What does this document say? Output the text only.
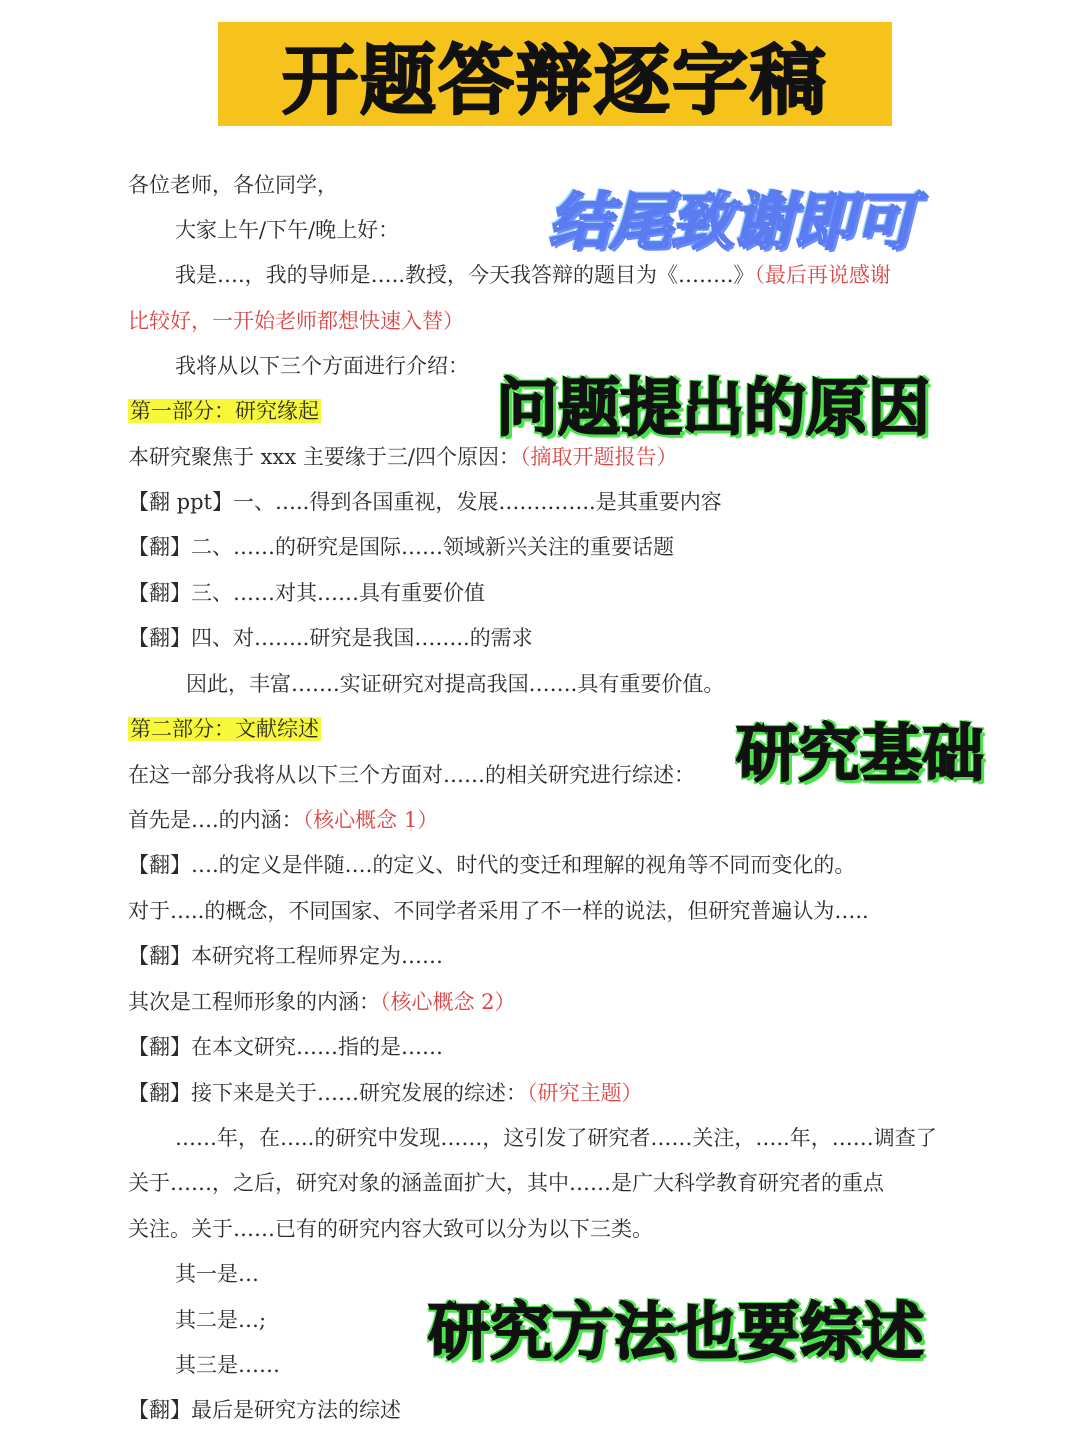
开题答辩逐字稿
各位老师，各位同学，
大家上午/下午/晚上好：
我是….，我的导师是…..教授，今天我答辩的题目为《……..》（最后再说感谢
比较好，一开始老师都想快速入替）
我将从以下三个方面进行介绍：
第一部分：研究缘起
本研究聚焦于 xxx 主要缘于三/四个原因：（摘取开题报告）
【翻 ppt】一、…..得到各国重视，发展…………..是其重要内容
【翻】二、……的研究是国际……领域新兴关注的重要话题
【翻】三、……对其……具有重要价值
【翻】四、对……..研究是我国……..的需求
因此，丰富…….实证研究对提高我国…….具有重要价值。
第二部分：文献综述
在这一部分我将从以下三个方面对……的相关研究进行综述：
首先是….的内涵：（核心概念 1）
【翻】….的定义是伴随….的定义、时代的变迁和理解的视角等不同而变化的。
对于…..的概念，不同国家、不同学者采用了不一样的说法，但研究普遍认为…..
【翻】本研究将工程师界定为……
其次是工程师形象的内涵：（核心概念 2）
【翻】在本文研究……指的是……
【翻】接下来是关于……研究发展的综述：（研究主题）
……年，在…..的研究中发现……，这引发了研究者……关注，…..年，……调查了
关于……，之后，研究对象的涵盖面扩大，其中……是广大科学教育研究者的重点
关注。关于……已有的研究内容大致可以分为以下三类。
其一是…
其二是…;
其三是……
【翻】最后是研究方法的综述
结尾致谢即可
问题提出的原因
研究基础
研究方法也要综述
